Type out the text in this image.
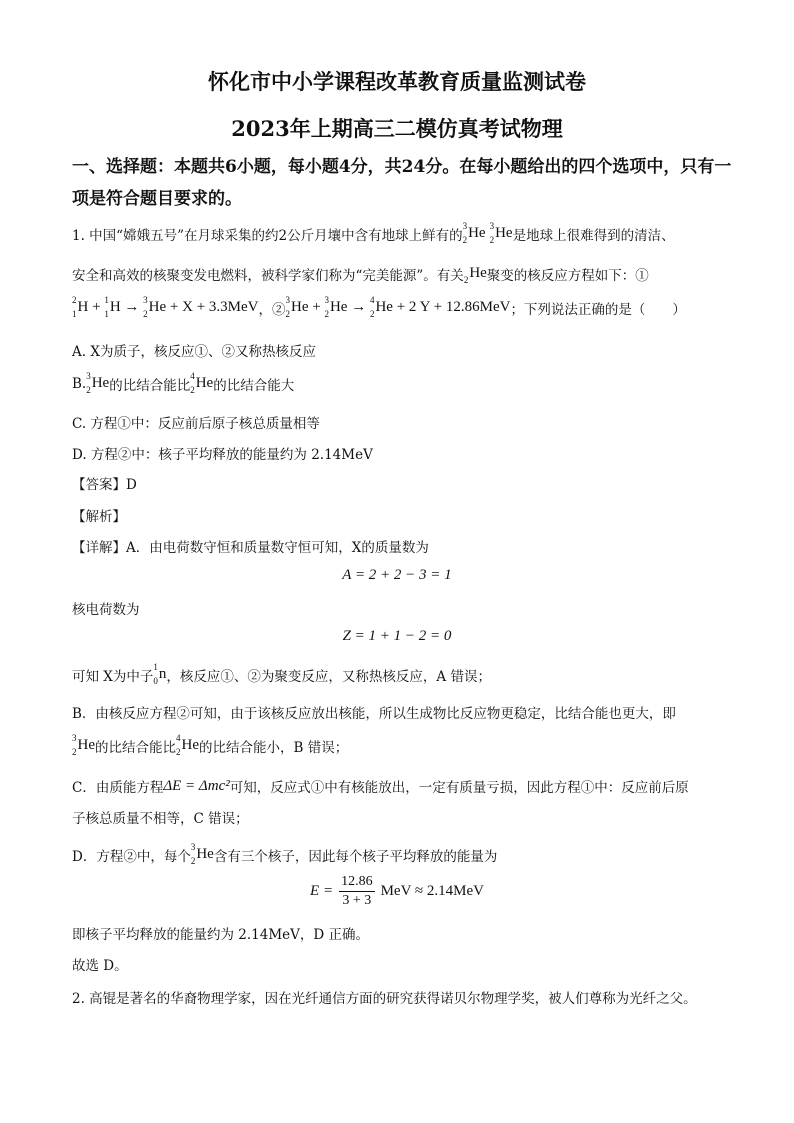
怀化市中小学课程改革教育质量监测试卷
2023年上期高三二模仿真考试物理
一、选择题：本题共6小题，每小题4分，共24分。在每小题给出的四个选项中，只有一
项是符合题目要求的。
1. 中国“嫦娥五号”在月球采集的约2公斤月壤中含有地球上鲜有的
3
2 He 3
2 He 是地球上很难得到的清洁、
安全和高效的核聚变发电燃料，被科学家们称为“完美能源”。有关
2 He 聚变的核反应方程如下：①
2
1 H + 1
1 H → 3
2 He + X + 3.3MeV ，②
3
2 He + 3
2 He → 4
2 He + 2 Y + 12.86MeV ；下列说法正确的是（　　）
A. X为质子，核反应①、②又称热核反应
B. 3
2 He 的比结合能比
4
2 He 的比结合能大
C. 方程①中：反应前后原子核总质量相等
D. 方程②中：核子平均释放的能量约为 2.14MeV
【答案】D
【解析】
【详解】A．由电荷数守恒和质量数守恒可知，X的质量数为
A = 2 + 2 − 3 = 1
核电荷数为
Z = 1 + 1 − 2 = 0
可知 X为中子
1
0 n ，核反应①、②为聚变反应，又称热核反应，A 错误；
B．由核反应方程②可知，由于该核反应放出核能，所以生成物比反应物更稳定，比结合能也更大，即
3
2 He 的比结合能比
4
2 He 的比结合能小，B 错误；
C．由质能方程 ΔE = Δmc² 可知，反应式①中有核能放出，一定有质量亏损，因此方程①中：反应前后原
子核总质量不相等，C 错误；
D．方程②中，每个
3
2 He 含有三个核子，因此每个核子平均释放的能量为
$E = \frac{12.86}{3 + 3}$ MeV ≈ 2.14MeV
即核子平均释放的能量约为 2.14MeV，D 正确。
故选 D。
2. 高锟是著名的华裔物理学家，因在光纤通信方面的研究获得诺贝尔物理学奖，被人们尊称为光纤之父。
